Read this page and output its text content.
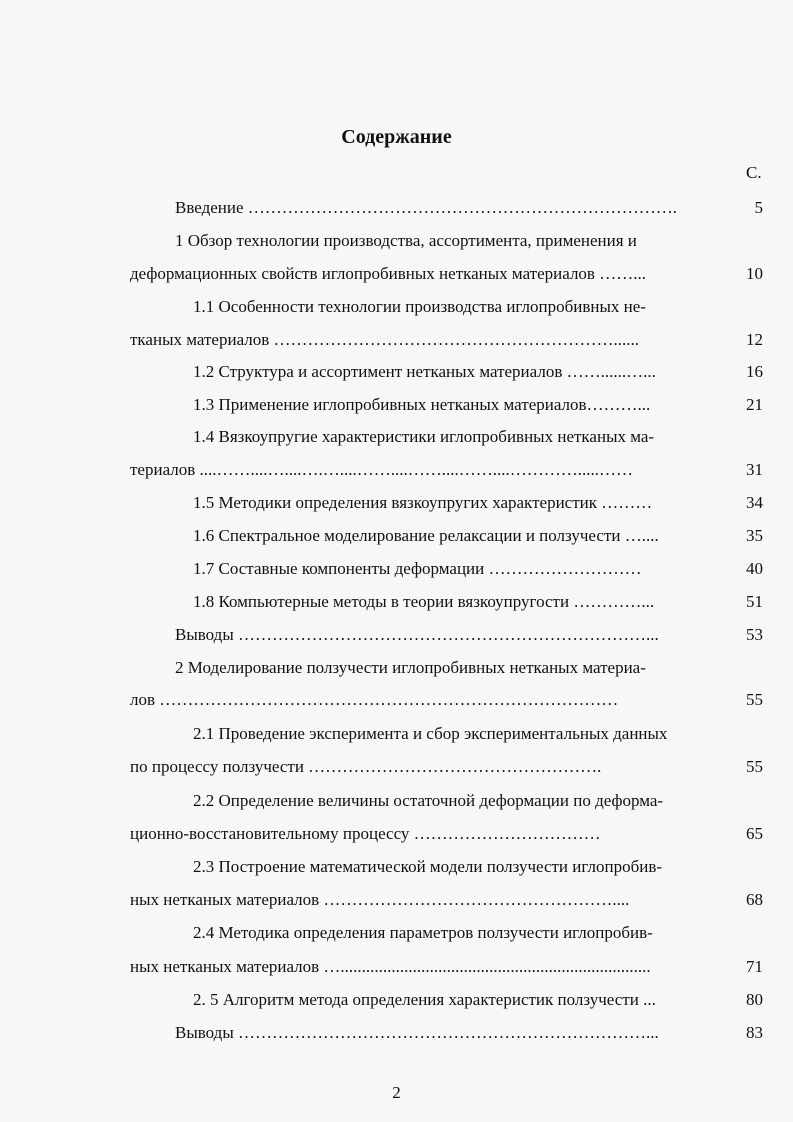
Содержание
С.
Введение ………………………………………………………………….
1 Обзор технологии производства, ассортимента, применения и
деформационных свойств иглопробивных нетканых материалов ……...
1.1 Особенности технологии производства иглопробивных не-
тканых материалов ……………………………………………………......
1.2 Структура и ассортимент нетканых материалов ……......…...
1.3 Применение иглопробивных нетканых материалов………...
1.4 Вязкоупругие характеристики иглопробивных нетканых ма-
териалов ....……....…....….…....……....……....……....………….....……
1.5 Методики определения вязкоупругих характеристик ………
1.6 Спектральное моделирование релаксации и ползучести …....
1.7 Составные компоненты деформации ………………………
1.8 Компьютерные методы в теории вязкоупругости …………...
Выводы ………………………………………………………………...
2 Моделирование ползучести иглопробивных нетканых материа-
лов ………………………………………………………………………
2.1 Проведение эксперимента и сбор экспериментальных данных
по процессу ползучести …………………………………………….
2.2 Определение величины остаточной деформации по деформа-
ционно-восстановительному процессу ……………………………
2.3 Построение математической модели ползучести иглопробив-
ных нетканых материалов ……………………………………………....
2.4 Методика определения параметров ползучести иглопробив-
ных нетканых материалов ….........................................................................
2. 5 Алгоритм метода определения характеристик ползучести ...
Выводы ………………………………………………………………...
5
10
12
16
21
31
34
35
40
51
53
55
55
65
68
71
80
83
2
